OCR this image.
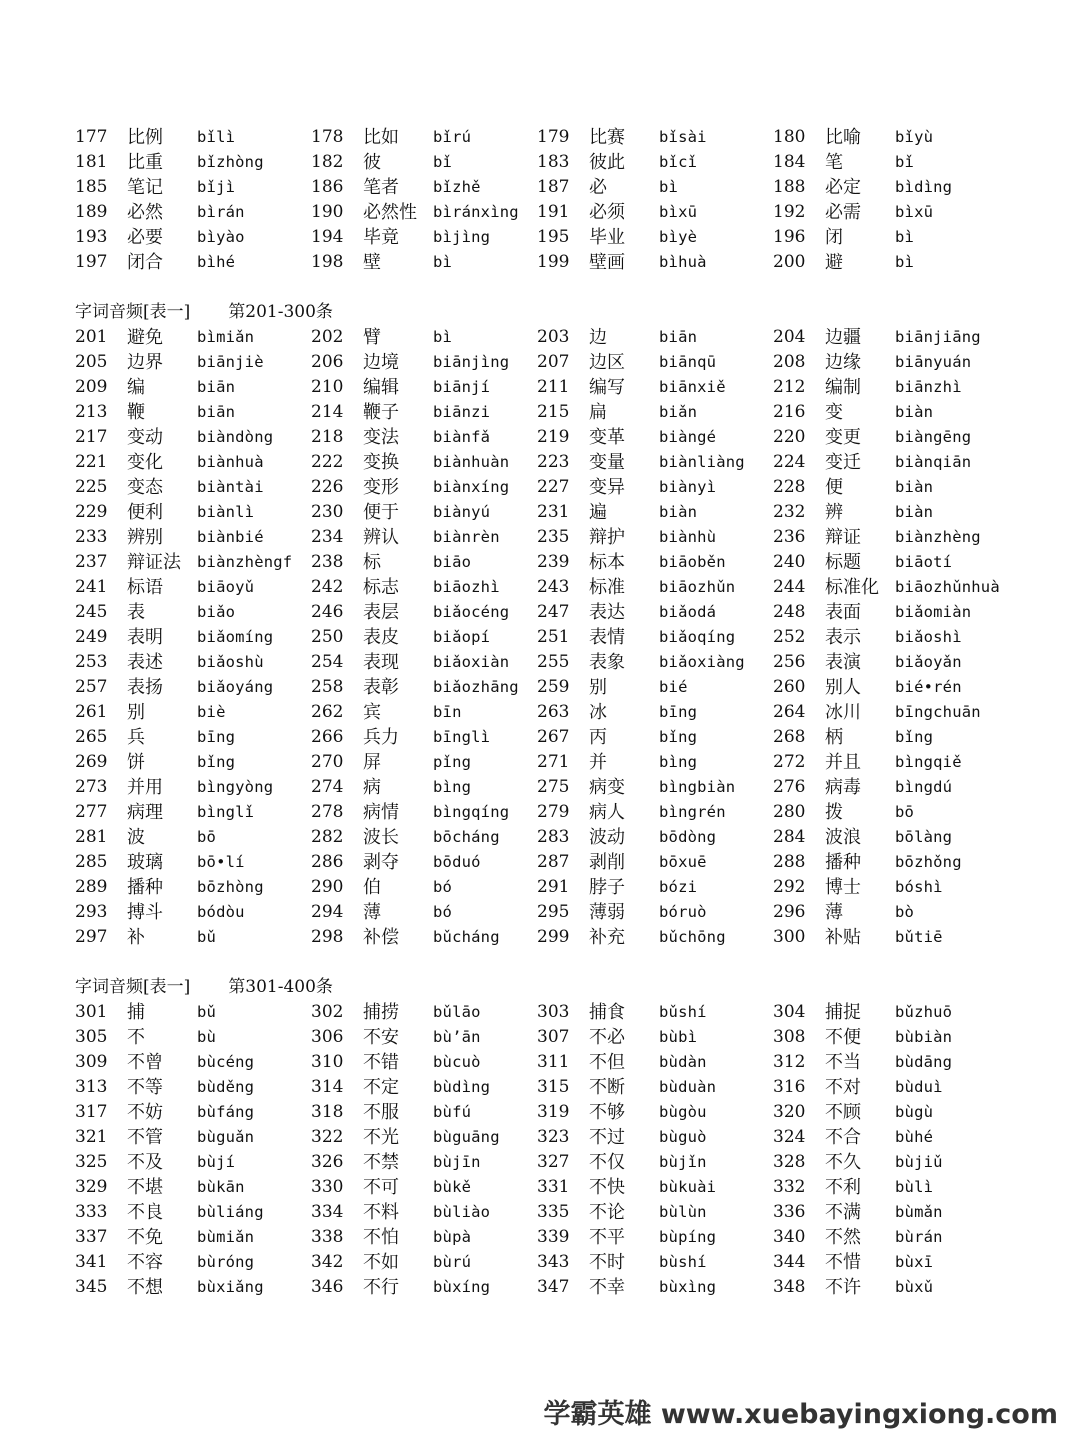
177 比例 bǐlì	178 比如 bǐrú	179 比赛 bǐsài	180 比喻 bǐyù
181 比重 bǐzhòng	182 彼	bǐ	183 彼此 bǐcǐ	184 笔	bǐ
185 笔记 bǐjì	186 笔者 bǐzhě	187 必	bì	188 必定 bìdìng
189 必然 bìrán	190 必然性 bìránxìng 191 必须 bìxū	192 必需 bìxū
193 必要 bìyào	194 毕竟 bìjìng	195 毕业 bìyè	196 闭	bì
197 闭合 bìhé	198 壁	bì	199 壁画 bìhuà	200 避	bì
字词音频[表一] 第201-300条
201 避免 bìmiǎn	202 臂	bì	203 边	biān	204 边疆 biānjiāng
205 边界 biānjiè	206 边境 biānjìng 207 边区 biānqū	208 边缘 biānyuán
209 编	biān	210 编辑 biānjí	211 编写 biānxiě	212 编制 biānzhì
213 鞭	biān	214 鞭子 biānzi	215 扁	biǎn	216 变	biàn
217 变动 biàndòng 218 变法 biànfǎ	219 变革 biàngé	220 变更 biàngēng
221 变化 biànhuà	222 变换 biànhuàn 223 变量 biànliàng 224 变迁 biànqiān
225 变态 biàntài	226 变形 biànxíng 227 变异 biànyì	228 便	biàn
229 便利 biànlì	230 便于 biànyú	231 遍	biàn	232 辨	biàn
233 辨别 biànbié	234 辨认 biànrèn 235 辩护 biànhù	236 辩证 biànzhèng
237 辩证法 biànzhèngf 238 标	biāo	239 标本 biāoběn	240 标题 biāotí
241 标语 biāoyǔ	242 标志 biāozhì 243 标准 biāozhǔn 244 标准化 biāozhǔnhuà
245 表	biǎo	246 表层 biǎocéng 247 表达 biǎodá	248 表面 biǎomiàn
249 表明 biǎomíng 250 表皮 biǎopí	251 表情 biǎoqíng 252 表示 biǎoshì
253 表述 biǎoshù	254 表现 biǎoxiàn 255 表象 biǎoxiàng 256 表演 biǎoyǎn
257 表扬 biǎoyáng 258 表彰 biǎozhāng 259 别	bié	260 别人 bié•rén
261 别	biè	262 宾	bīn	263 冰	bīng	264 冰川 bīngchuān
265 兵	bīng	266 兵力 bīnglì	267 丙	bǐng	268 柄	bǐng
269 饼	bǐng	270 屏	pǐng	271 并	bìng	272 并且 bìngqiě
273 并用 bìngyòng 274 病	bìng	275 病变 bìngbiàn 276 病毒 bìngdú
277 病理 bìnglǐ	278 病情 bìngqíng 279 病人 bìngrén	280 拨	bō
281 波	bō	282 波长 bōcháng 283 波动 bōdòng	284 波浪 bōlàng
285 玻璃 bō•lí	286 剥夺 bōduó	287 剥削 bōxuē	288 播种 bōzhǒng
289 播种 bōzhòng	290 伯	bó	291 脖子 bózi	292 博士 bóshì
293 搏斗 bódòu	294 薄	bó	295 薄弱 bóruò	296 薄	bò
297 补	bǔ	298 补偿 bǔcháng 299 补充 bǔchōng	300 补贴 bǔtiē
字词音频[表一] 第301-400条
301 捕	bǔ	302 捕捞 bǔlāo	303 捕食 bǔshí	304 捕捉 bǔzhuō
305 不	bù	306 不安 bù’ān	307 不必 bùbì	308 不便 bùbiàn
309 不曾 bùcéng	310 不错 bùcuò	311 不但 bùdàn	312 不当 bùdāng
313 不等 bùděng	314 不定 bùdìng	315 不断 bùduàn	316 不对 bùduì
317 不妨 bùfáng	318 不服 bùfú	319 不够 bùgòu	320 不顾 bùgù
321 不管 bùguǎn	322 不光 bùguāng 323 不过 bùguò	324 不合 bùhé
325 不及 bùjí	326 不禁 bùjīn	327 不仅 bùjǐn	328 不久 bùjiǔ
329 不堪 bùkān	330 不可 bùkě	331 不快 bùkuài	332 不利 bùlì
333 不良 bùliáng	334 不料 bùliào	335 不论 bùlùn	336 不满 bùmǎn
337 不免 bùmiǎn	338 不怕 bùpà	339 不平 bùpíng	340 不然 bùrán
341 不容 bùróng	342 不如 bùrú	343 不时 bùshí	344 不惜 bùxī
345 不想 bùxiǎng	346 不行 bùxíng	347 不幸 bùxìng	348 不许 bùxǔ
学霸英雄 www.xuebayingxiong.com
